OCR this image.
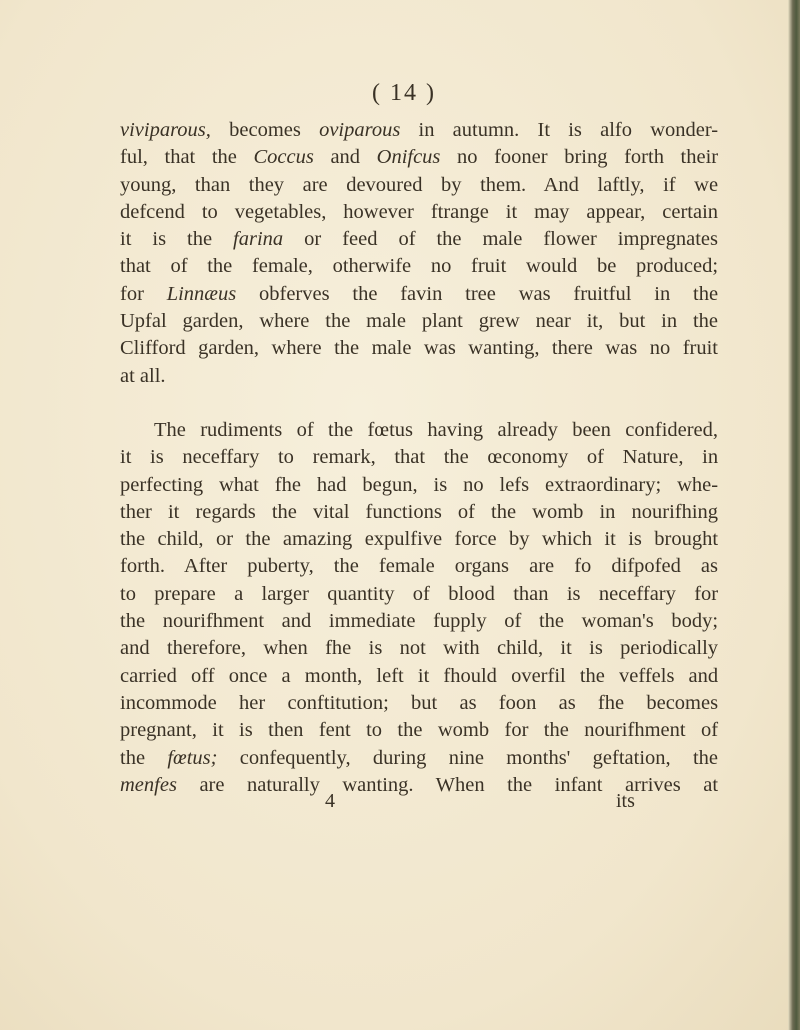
( 14 )
viviparous, becomes oviparous in autumn. It is alfo wonder-
ful, that the Coccus and Onifcus no fooner bring forth their
young, than they are devoured by them. And laftly, if we
defcend to vegetables, however ftrange it may appear, certain
it is the farina or feed of the male flower impregnates
that of the female, otherwife no fruit would be produced;
for Linnæus obferves the favin tree was fruitful in the
Upfal garden, where the male plant grew near it, but in the
Clifford garden, where the male was wanting, there was no fruit
at all.
The rudiments of the fœtus having already been confidered,
it is neceffary to remark, that the œconomy of Nature, in
perfecting what fhe had begun, is no lefs extraordinary; whe-
ther it regards the vital functions of the womb in nourifhing
the child, or the amazing expulfive force by which it is brought
forth. After puberty, the female organs are fo difpofed as
to prepare a larger quantity of blood than is neceffary for
the nourifhment and immediate fupply of the woman's body;
and therefore, when fhe is not with child, it is periodically
carried off once a month, left it fhould overfil the veffels and
incommode her conftitution; but as foon as fhe becomes
pregnant, it is then fent to the womb for the nourifhment of
the fœtus; confequently, during nine months' geftation, the
menfes are naturally wanting. When the infant arrives at
4	its
